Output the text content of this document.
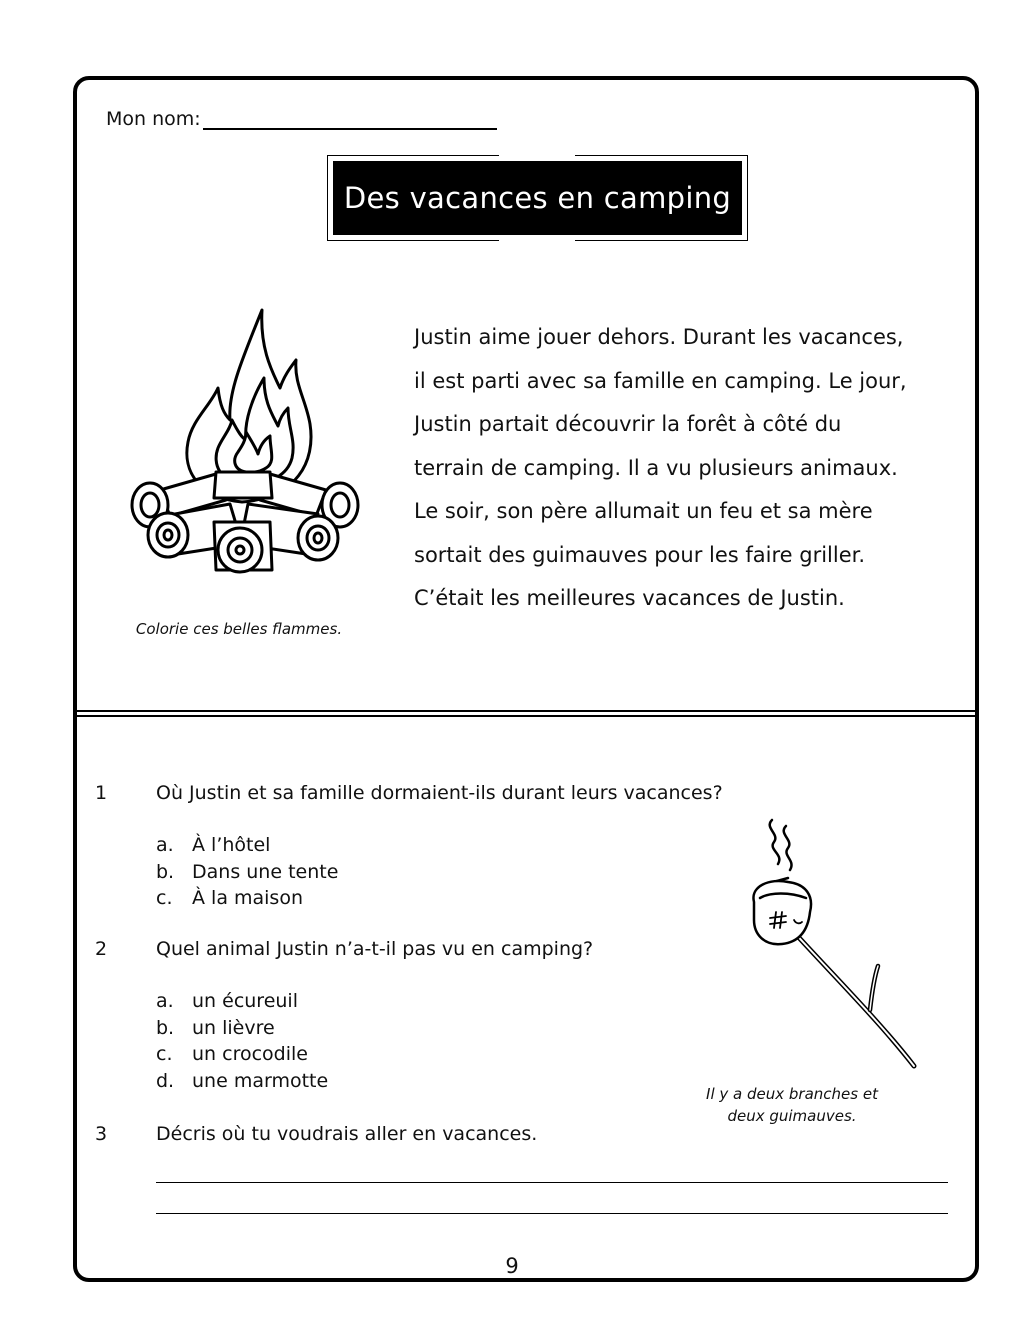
Mon nom:
Des vacances en camping
Colorie ces belles flammes.
Justin aime jouer dehors. Durant les vacances,
il est parti avec sa famille en camping. Le jour,
Justin partait découvrir la forêt à côté du
terrain de camping. Il a vu plusieurs animaux.
Le soir, son père allumait un feu et sa mère
sortait des guimauves pour les faire griller.
C’était les meilleures vacances de Justin.
1	Où Justin et sa famille dormaient-ils durant leurs vacances?
a. À l’hôtel
b. Dans une tente
c. À la maison
2	Quel animal Justin n’a-t-il pas vu en camping?
a. un écureuil
b. un lièvre
c. un crocodile
d. une marmotte
Il y a deux branches et
deux guimauves.
3	Décris où tu voudrais aller en vacances.
9
